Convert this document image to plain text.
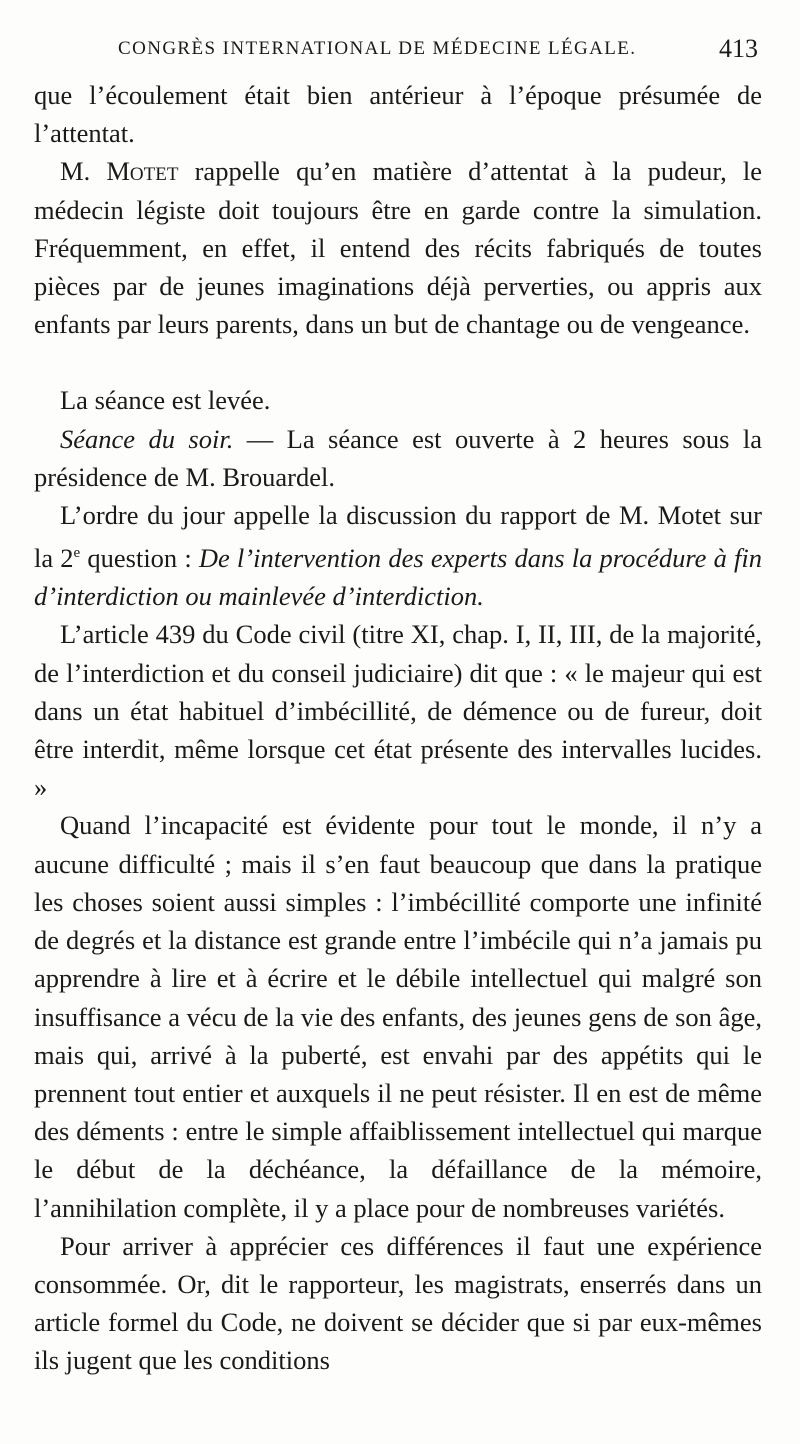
CONGRÈS INTERNATIONAL DE MÉDECINE LÉGALE.	413

que l’écoulement était bien antérieur à l’époque présumée de l’attentat.

M. Motet rappelle qu’en matière d’attentat à la pudeur, le médecin légiste doit toujours être en garde contre la simulation. Fréquemment, en effet, il entend des récits fabriqués de toutes pièces par de jeunes imaginations déjà perverties, ou appris aux enfants par leurs parents, dans un but de chantage ou de vengeance.

La séance est levée.

Séance du soir. — La séance est ouverte à 2 heures sous la présidence de M. Brouardel.

L’ordre du jour appelle la discussion du rapport de M. Motet sur la 2e question : De l’intervention des experts dans la procédure à fin d’interdiction ou mainlevée d’interdiction.

L’article 439 du Code civil (titre XI, chap. I, II, III, de la majorité, de l’interdiction et du conseil judiciaire) dit que : « le majeur qui est dans un état habituel d’imbécillité, de démence ou de fureur, doit être interdit, même lorsque cet état présente des intervalles lucides. »

Quand l’incapacité est évidente pour tout le monde, il n’y a aucune difficulté ; mais il s’en faut beaucoup que dans la pratique les choses soient aussi simples : l’imbécillité comporte une infinité de degrés et la distance est grande entre l’imbécile qui n’a jamais pu apprendre à lire et à écrire et le débile intellectuel qui malgré son insuffisance a vécu de la vie des enfants, des jeunes gens de son âge, mais qui, arrivé à la puberté, est envahi par des appétits qui le prennent tout entier et auxquels il ne peut résister. Il en est de même des déments : entre le simple affaiblissement intellectuel qui marque le début de la déchéance, la défaillance de la mémoire, l’annihilation complète, il y a place pour de nombreuses variétés.

Pour arriver à apprécier ces différences il faut une expérience consommée. Or, dit le rapporteur, les magistrats, enserrés dans un article formel du Code, ne doivent se décider que si par eux-mêmes ils jugent que les conditions
